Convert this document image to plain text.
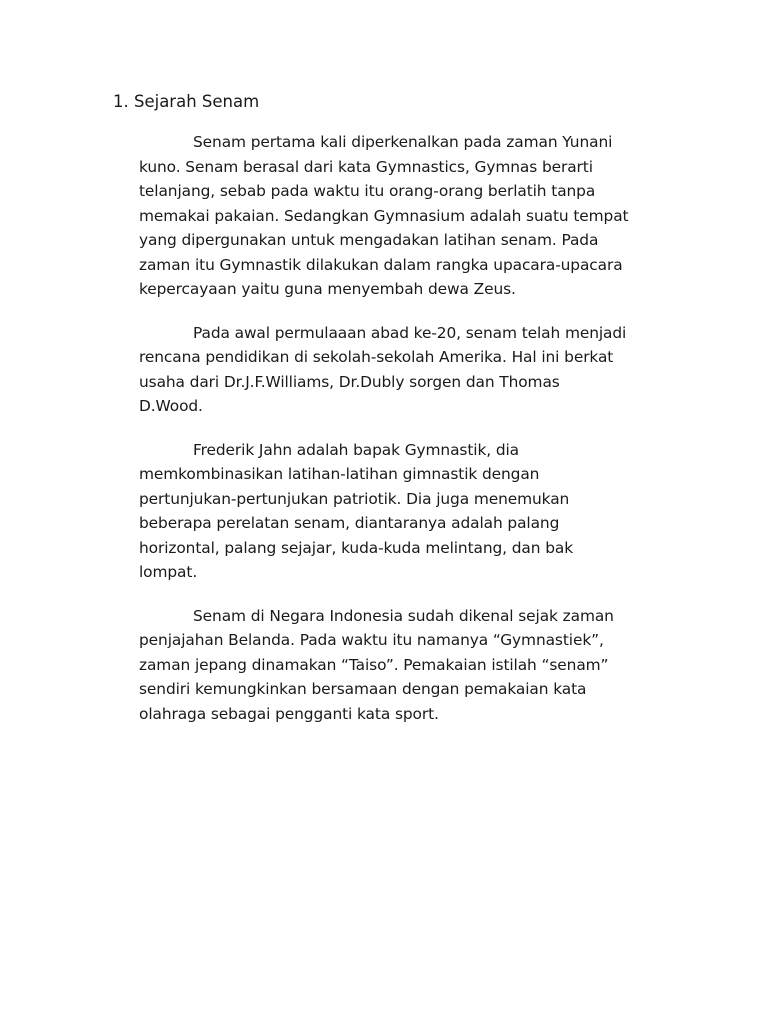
1. Sejarah Senam

Senam pertama kali diperkenalkan pada zaman Yunani
kuno. Senam berasal dari kata Gymnastics, Gymnas berarti
telanjang, sebab pada waktu itu orang-orang berlatih tanpa
memakai pakaian. Sedangkan Gymnasium adalah suatu tempat
yang dipergunakan untuk mengadakan latihan senam. Pada
zaman itu Gymnastik dilakukan dalam rangka upacara-upacara
kepercayaan yaitu guna menyembah dewa Zeus.

Pada awal permulaaan abad ke-20, senam telah menjadi
rencana pendidikan di sekolah-sekolah Amerika. Hal ini berkat
usaha dari Dr.J.F.Williams, Dr.Dubly sorgen dan Thomas
D.Wood.

Frederik Jahn adalah bapak Gymnastik, dia
memkombinasikan latihan-latihan gimnastik dengan
pertunjukan-pertunjukan patriotik. Dia juga menemukan
beberapa perelatan senam, diantaranya adalah palang
horizontal, palang sejajar, kuda-kuda melintang, dan bak
lompat.

Senam di Negara Indonesia sudah dikenal sejak zaman
penjajahan Belanda. Pada waktu itu namanya “Gymnastiek”,
zaman jepang dinamakan “Taiso”. Pemakaian istilah “senam”
sendiri kemungkinkan bersamaan dengan pemakaian kata
olahraga sebagai pengganti kata sport.
